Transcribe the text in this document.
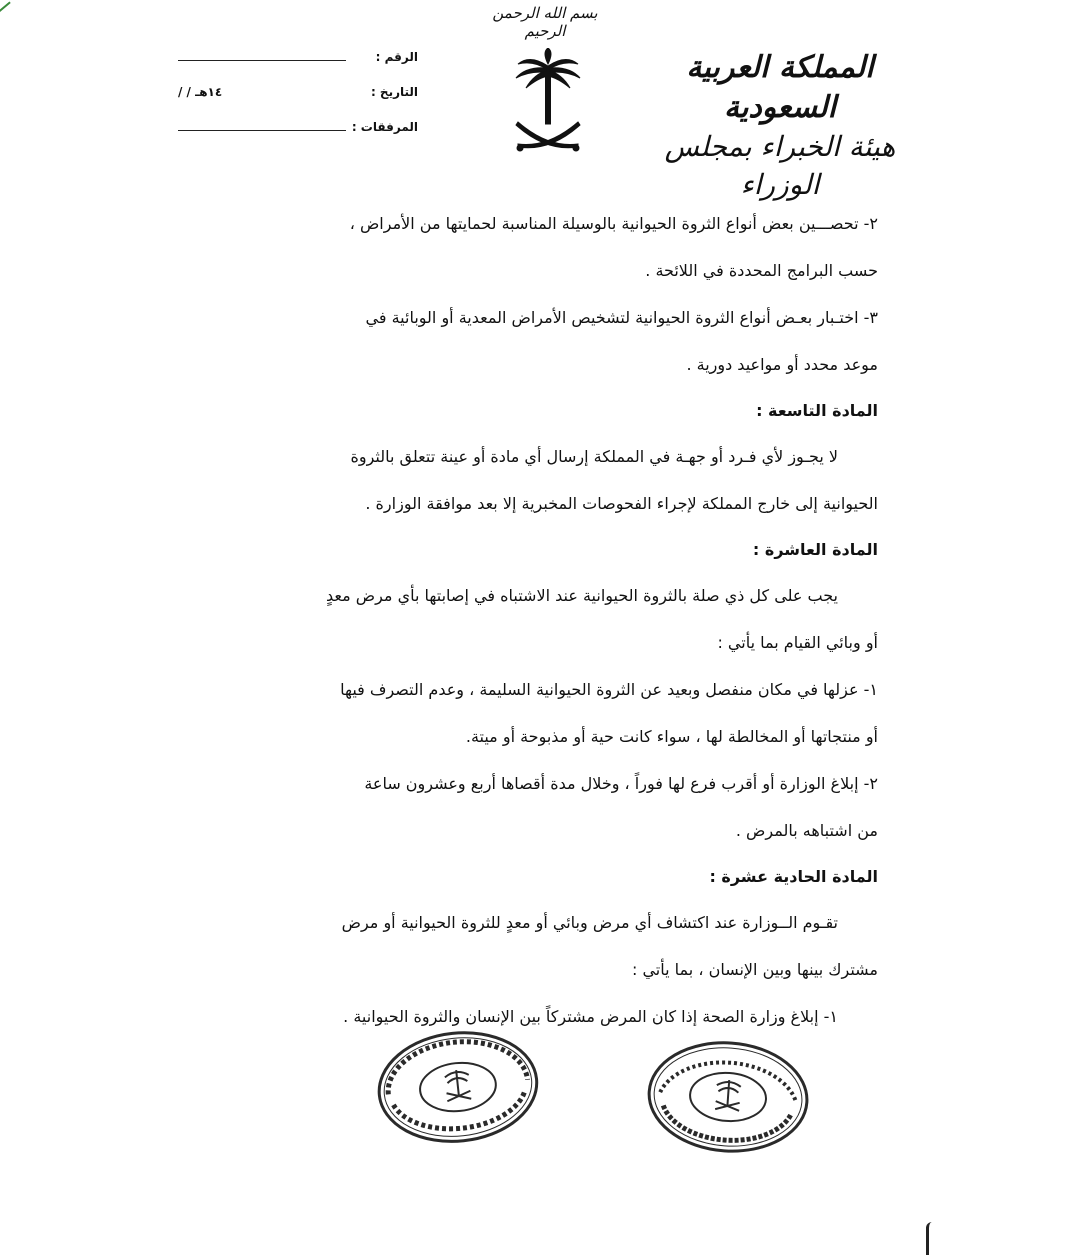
بسم الله الرحمن الرحيم
المملكة العربية السعودية
هيئة الخبراء بمجلس الوزراء
الرقم :
التاريخ :
/ / ١٤هـ
المرفقات :
٢- تحصـــين بعض أنواع الثروة الحيوانية بالوسيلة المناسبة لحمايتها من الأمراض ،
حسب البرامج المحددة في اللائحة .
٣- اختـبار بعـض أنواع الثروة الحيوانية لتشخيص الأمراض المعدية أو الوبائية في
موعد محدد أو مواعيد دورية .
المادة التاسعة :
لا يجـوز لأي فـرد أو جهـة في المملكة إرسال أي مادة أو عينة تتعلق بالثروة
الحيوانية إلى خارج المملكة لإجراء الفحوصات المخبرية إلا بعد موافقة الوزارة .
المادة العاشرة :
يجب على كل ذي صلة بالثروة الحيوانية عند الاشتباه في إصابتها بأي مرض معدٍ
أو وبائي القيام بما يأتي :
١- عزلها في مكان منفصل وبعيد عن الثروة الحيوانية السليمة ، وعدم التصرف فيها
أو منتجاتها أو المخالطة لها ، سواء كانت حية أو مذبوحة أو ميتة.
٢- إبلاغ الوزارة أو أقرب فرع لها فوراً ، وخلال مدة أقصاها أربع وعشرون ساعة
من اشتباهه بالمرض .
المادة الحادية عشرة :
تقـوم الــوزارة عند اكتشاف أي مرض وبائي أو معدٍ للثروة الحيوانية أو مرض
مشترك بينها وبين الإنسان ، بما يأتي :
١- إبلاغ وزارة الصحة إذا كان المرض مشتركاً بين الإنسان والثروة الحيوانية .
